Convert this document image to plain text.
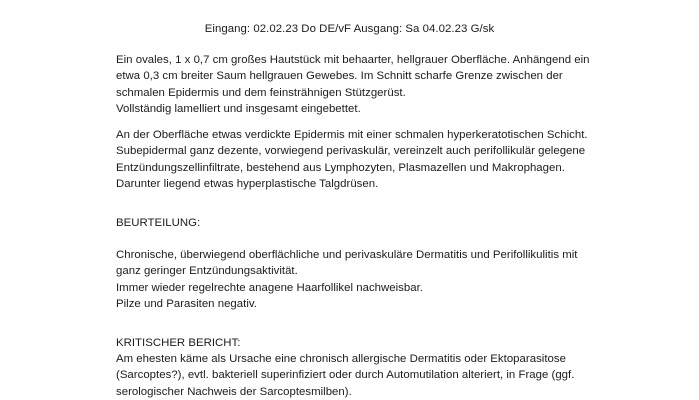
Eingang: 02.02.23 Do DE/vF Ausgang: Sa 04.02.23 G/sk
Ein ovales, 1 x 0,7 cm großes Hautstück mit behaarter, hellgrauer Oberfläche. Anhängend ein
etwa 0,3 cm breiter Saum hellgrauen Gewebes. Im Schnitt scharfe Grenze zwischen der
schmalen Epidermis und dem feinsträhnigen Stützgerüst.
Vollständig lamelliert und insgesamt eingebettet.
An der Oberfläche etwas verdickte Epidermis mit einer schmalen hyperkeratotischen Schicht.
Subepidermal ganz dezente, vorwiegend perivaskulär, vereinzelt auch perifollikulär gelegene
Entzündungszellinfiltrate, bestehend aus Lymphozyten, Plasmazellen und Makrophagen.
Darunter liegend etwas hyperplastische Talgdrüsen.
BEURTEILUNG:
Chronische, überwiegend oberflächliche und perivaskuläre Dermatitis und Perifollikulitis mit
ganz geringer Entzündungsaktivität.
Immer wieder regelrechte anagene Haarfollikel nachweisbar.
Pilze und Parasiten negativ.
KRITISCHER BERICHT:
Am ehesten käme als Ursache eine chronisch allergische Dermatitis oder Ektoparasitose
(Sarcoptes?), evtl. bakteriell superinfiziert oder durch Automutilation alteriert, in Frage (ggf.
serologischer Nachweis der Sarcoptesmilben).
